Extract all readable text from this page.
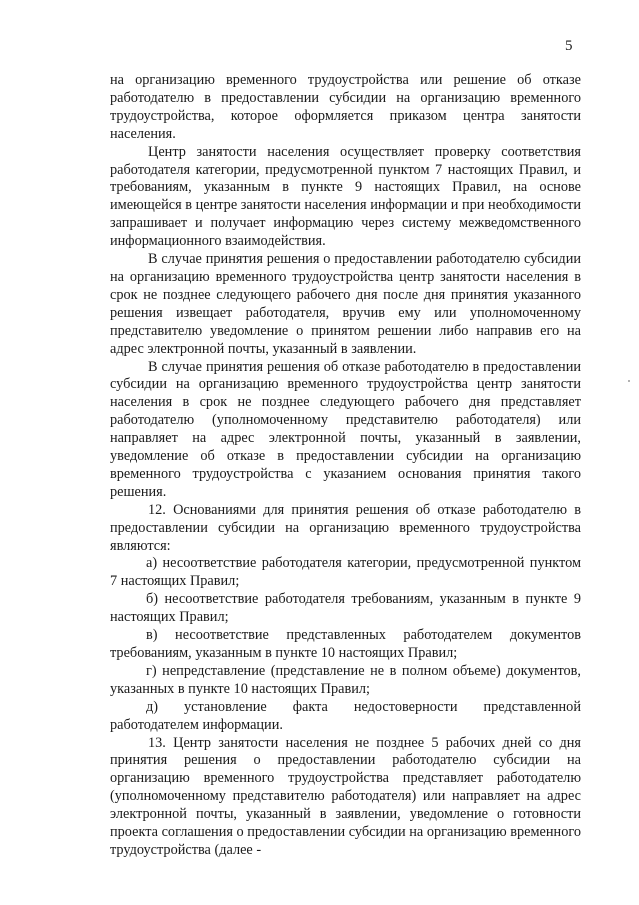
5

на организацию временного трудоустройства или решение об отказе работодателю в предоставлении субсидии на организацию временного трудоустройства, которое оформляется приказом центра занятости населения.

Центр занятости населения осуществляет проверку соответствия работодателя категории, предусмотренной пунктом 7 настоящих Правил, и требованиям, указанным в пункте 9 настоящих Правил, на основе имеющейся в центре занятости населения информации и при необходимости запрашивает и получает информацию через систему межведомственного информационного взаимодействия.

В случае принятия решения о предоставлении работодателю субсидии на организацию временного трудоустройства центр занятости населения в срок не позднее следующего рабочего дня после дня принятия указанного решения извещает работодателя, вручив ему или уполномоченному представителю уведомление о принятом решении либо направив его на адрес электронной почты, указанный в заявлении.

В случае принятия решения об отказе работодателю в предоставлении субсидии на организацию временного трудоустройства центр занятости населения в срок не позднее следующего рабочего дня представляет работодателю (уполномоченному представителю работодателя) или направляет на адрес электронной почты, указанный в заявлении, уведомление об отказе в предоставлении субсидии на организацию временного трудоустройства с указанием основания принятия такого решения.

12. Основаниями для принятия решения об отказе работодателю в предоставлении субсидии на организацию временного трудоустройства являются:

а) несоответствие работодателя категории, предусмотренной пунктом 7 настоящих Правил;

б) несоответствие работодателя требованиям, указанным в пункте 9 настоящих Правил;

в) несоответствие представленных работодателем документов требованиям, указанным в пункте 10 настоящих Правил;

г) непредставление (представление не в полном объеме) документов, указанных в пункте 10 настоящих Правил;

д) установление факта недостоверности представленной работодателем информации.

13. Центр занятости населения не позднее 5 рабочих дней со дня принятия решения о предоставлении работодателю субсидии на организацию временного трудоустройства представляет работодателю (уполномоченному представителю работодателя) или направляет на адрес электронной почты, указанный в заявлении, уведомление о готовности проекта соглашения о предоставлении субсидии на организацию временного трудоустройства (далее -
